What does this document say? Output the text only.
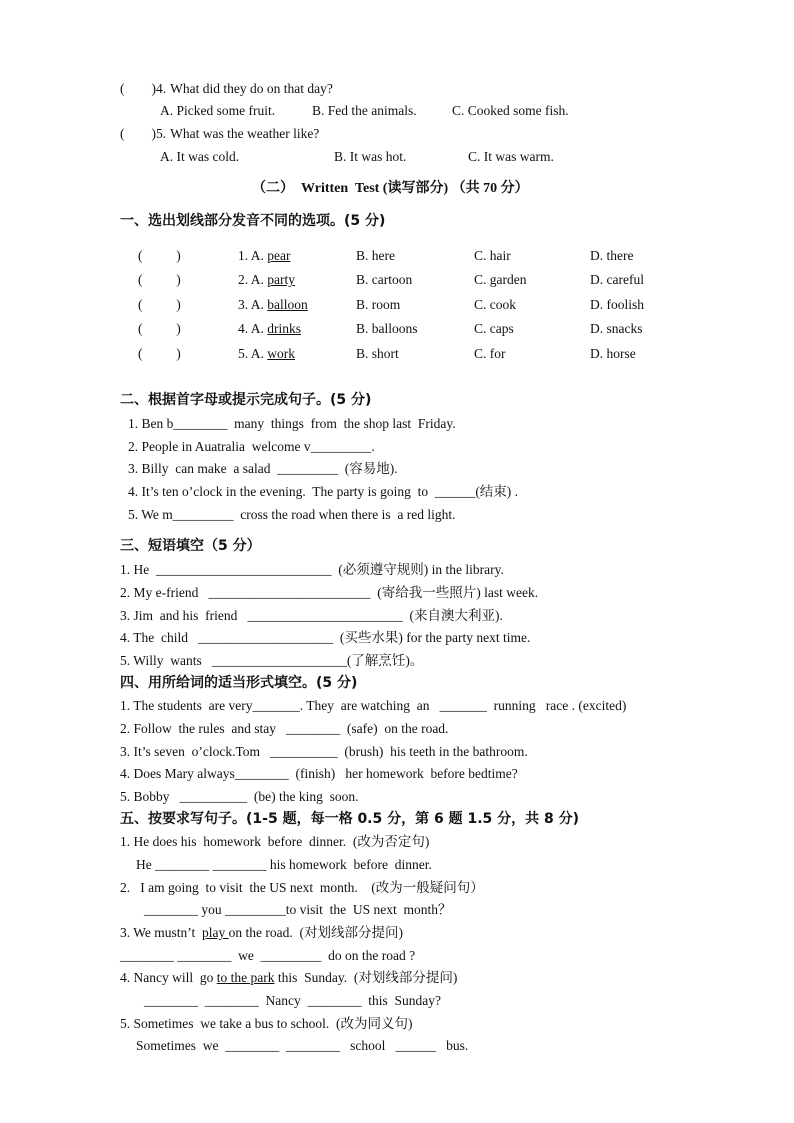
(        )4. What did they do on that day?
A. Picked some fruit.	B. Fed the animals.	C. Cooked some fish.
(        )5. What was the weather like?
A. It was cold.	B. It was hot.	C. It was warm.
（二）  Written  Test (读写部分) （共 70 分）
一、选出划线部分发音不同的选项。(5 分)
(          )	1. A. pear	B. here	C. hair	D. there
(          )	2. A. party	B. cartoon	C. garden	D. careful
(          )	3. A. balloon	B. room	C. cook	D. foolish
(          )	4. A. drinks	B. balloons	C. caps	D. snacks
(          )	5. A. work	B. short	C. for	D. horse
二、根据首字母或提示完成句子。(5 分)
1. Ben b________  many  things  from  the shop last  Friday.
2. People in Auatralia  welcome v_________.
3. Billy  can make  a salad  _________  (容易地).
4. It’s ten o’clock in the evening.  The party is going  to  ______(结束) .
5. We m_________  cross the road when there is  a red light.
三、短语填空（5 分）
1. He  __________________________  (必须遵守规则) in the library.
2. My e-friend   ________________________  (寄给我一些照片) last week.
3. Jim  and his  friend   _______________________  (来自澳大利亚).
4. The  child   ____________________  (买些水果) for the party next time.
5. Willy  wants   ____________________(了解烹饪)。
四、用所给词的适当形式填空。(5 分)
1. The students  are very_______. They  are watching  an   _______  running   race . (excited)
2. Follow  the rules  and stay   ________  (safe)  on the road.
3. It’s seven  o’clock.Tom   __________  (brush)  his teeth in the bathroom.
4. Does Mary always________  (finish)   her homework  before bedtime?
5. Bobby   __________  (be) the king  soon.
五、按要求写句子。(1-5 题，每一格 0.5 分，第 6 题 1.5 分，共 8 分)
1. He does his  homework  before  dinner.  (改为否定句)
He ________ ________ his homework  before  dinner.
2.   I am going  to visit  the US next  month.    (改为一般疑问句）
________ you _________to visit  the  US next  month？
3. We mustn’t  play on the road.  (对划线部分提问)
________ ________  we  _________  do on the road ?
4. Nancy will  go to the park this  Sunday.  (对划线部分提问)
________  ________  Nancy  ________  this  Sunday?
5. Sometimes  we take a bus to school.  (改为同义句)
Sometimes  we  ________  ________   school   ______   bus.
